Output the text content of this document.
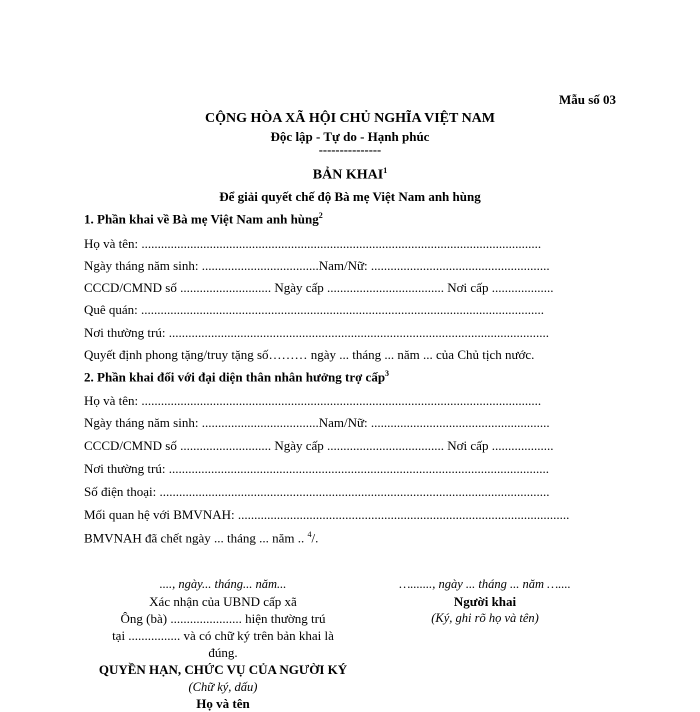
Mẫu số 03
CỘNG HÒA XÃ HỘI CHỦ NGHĨA VIỆT NAM
Độc lập - Tự do - Hạnh phúc
---------------
BẢN KHAI$^1$
Để giải quyết chế độ Bà mẹ Việt Nam anh hùng
1. Phần khai về Bà mẹ Việt Nam anh hùng$^2$
Họ và tên: ...........................................................................................................................
Ngày tháng năm sinh: ....................................Nam/Nữ: .......................................................
CCCD/CMND số ............................ Ngày cấp .................................... Nơi cấp ...................
Quê quán: ............................................................................................................................
Nơi thường trú: .....................................................................................................................
Quyết định phong tặng/truy tặng số……… ngày ... tháng ... năm ... của Chủ tịch nước.
2. Phần khai đối với đại diện thân nhân hưởng trợ cấp$^3$
Họ và tên: ...........................................................................................................................
Ngày tháng năm sinh: ....................................Nam/Nữ: .......................................................
CCCD/CMND số ............................ Ngày cấp .................................... Nơi cấp ...................
Nơi thường trú: .....................................................................................................................
Số điện thoại: ........................................................................................................................
Mối quan hệ với BMVNAH: ......................................................................................................
BMVNAH đã chết ngày ... tháng ... năm .. $^4$/.
...., ngày... tháng... năm...
Xác nhận của UBND cấp xã
Ông (bà) ...................... hiện thường trú
tại ................ và có chữ ký trên bản khai là
đúng.
QUYỀN HẠN, CHỨC VỤ CỦA NGƯỜI KÝ
(Chữ ký, dấu)
Họ và tên
…......., ngày ... tháng ... năm …....
Người khai
(Ký, ghi rõ họ và tên)
